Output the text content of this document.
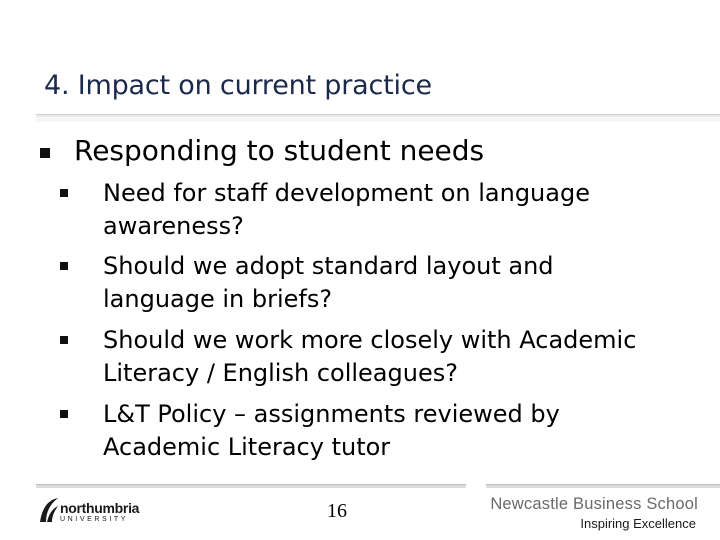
4. Impact on current practice
Responding to student needs
Need for staff development on language
awareness?
Should we adopt standard layout and
language in briefs?
Should we work more closely with Academic
Literacy / English colleagues?
L&T Policy – assignments reviewed by
Academic Literacy tutor
northumbria
UNIVERSITY	16	Newcastle Business School
Inspiring Excellence
